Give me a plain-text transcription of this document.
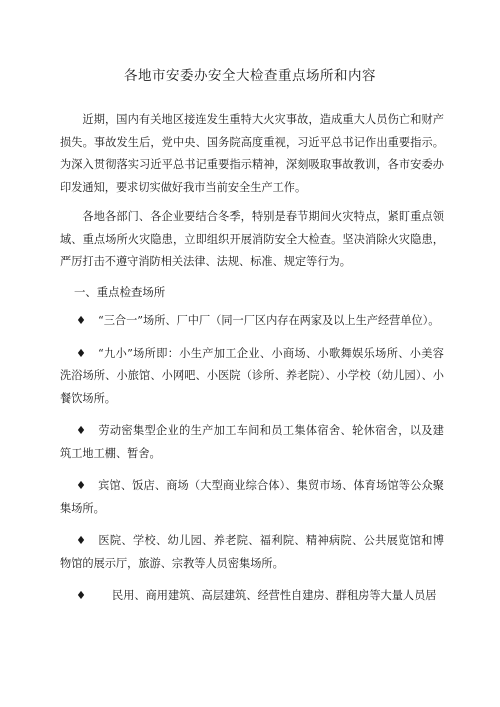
各地市安委办安全大检查重点场所和内容

近期，国内有关地区接连发生重特大火灾事故，造成重大人员伤亡和财产损失。事故发生后，党中央、国务院高度重视，习近平总书记作出重要指示。为深入贯彻落实习近平总书记重要指示精神，深刻吸取事故教训，各市安委办印发通知，要求切实做好我市当前安全生产工作。

各地各部门、各企业要结合冬季，特别是春节期间火灾特点，紧盯重点领域、重点场所火灾隐患，立即组织开展消防安全大检查。坚决消除火灾隐患，严厉打击不遵守消防相关法律、法规、标准、规定等行为。

一、重点检查场所

♦ “三合一”场所、厂中厂（同一厂区内存在两家及以上生产经营单位）。

♦ “九小”场所即：小生产加工企业、小商场、小歌舞娱乐场所、小美容洗浴场所、小旅馆、小网吧、小医院（诊所、养老院）、小学校（幼儿园）、小餐饮场所。

♦ 劳动密集型企业的生产加工车间和员工集体宿舍、轮休宿舍，以及建筑工地工棚、暂舍。

♦ 宾馆、饭店、商场（大型商业综合体）、集贸市场、体育场馆等公众聚集场所。

♦ 医院、学校、幼儿园、养老院、福利院、精神病院、公共展览馆和博物馆的展示厅，旅游、宗教等人员密集场所。

♦ 民用、商用建筑、高层建筑、经营性自建房、群租房等大量人员居
